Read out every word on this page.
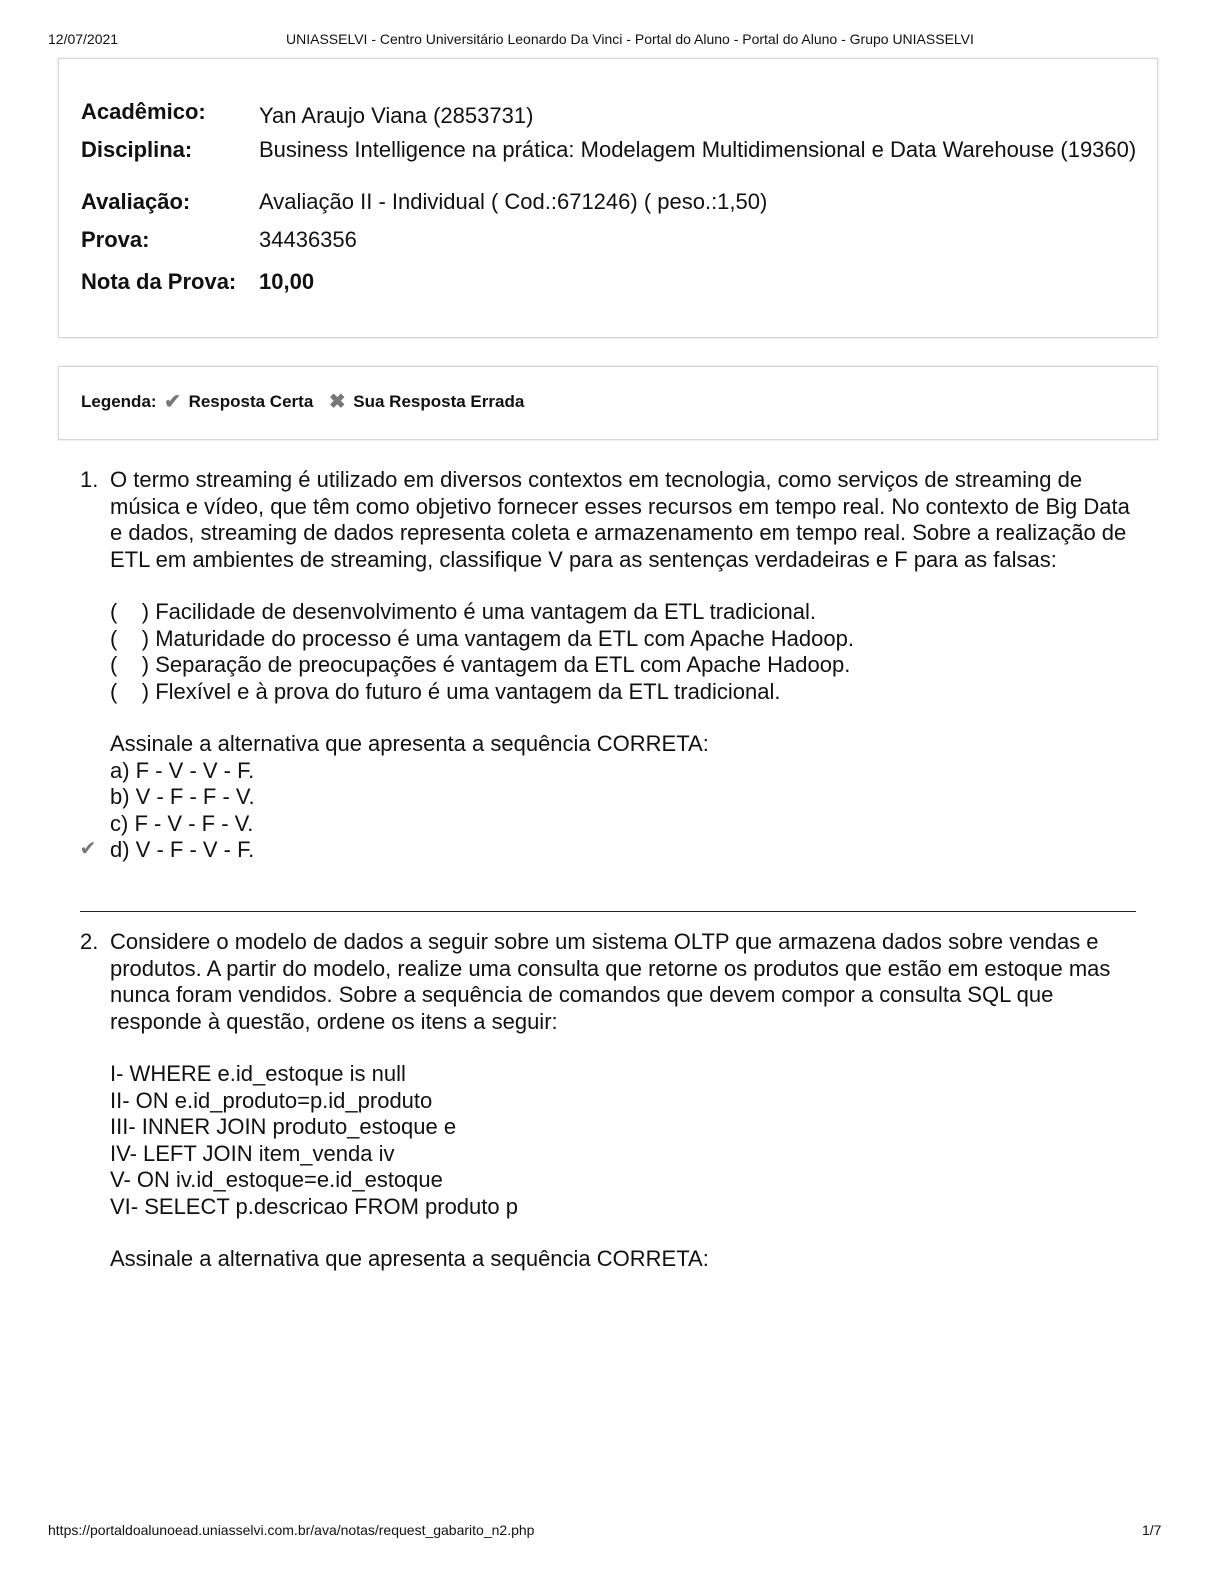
12/07/2021	UNIASSELVI - Centro Universitário Leonardo Da Vinci - Portal do Aluno - Portal do Aluno - Grupo UNIASSELVI
Acadêmico:	Yan Araujo Viana (2853731)
Disciplina:	Business Intelligence na prática: Modelagem Multidimensional e Data Warehouse (19360)
Avaliação:	Avaliação II - Individual ( Cod.:671246) ( peso.:1,50)
Prova:	34436356
Nota da Prova:	10,00
Legenda: ✔ Resposta Certa ✖ Sua Resposta Errada
1. O termo streaming é utilizado em diversos contextos em tecnologia, como serviços de streaming de música e vídeo, que têm como objetivo fornecer esses recursos em tempo real. No contexto de Big Data e dados, streaming de dados representa coleta e armazenamento em tempo real. Sobre a realização de ETL em ambientes de streaming, classifique V para as sentenças verdadeiras e F para as falsas:
(    ) Facilidade de desenvolvimento é uma vantagem da ETL tradicional.
(    ) Maturidade do processo é uma vantagem da ETL com Apache Hadoop.
(    ) Separação de preocupações é vantagem da ETL com Apache Hadoop.
(    ) Flexível e à prova do futuro é uma vantagem da ETL tradicional.
Assinale a alternativa que apresenta a sequência CORRETA:
a) F - V - V - F.
b) V - F - F - V.
c) F - V - F - V.
✔ d) V - F - V - F.
2. Considere o modelo de dados a seguir sobre um sistema OLTP que armazena dados sobre vendas e produtos. A partir do modelo, realize uma consulta que retorne os produtos que estão em estoque mas nunca foram vendidos. Sobre a sequência de comandos que devem compor a consulta SQL que responde à questão, ordene os itens a seguir:
I- WHERE e.id_estoque is null
II- ON e.id_produto=p.id_produto
III- INNER JOIN produto_estoque e
IV- LEFT JOIN item_venda iv
V- ON iv.id_estoque=e.id_estoque
VI- SELECT p.descricao FROM produto p
Assinale a alternativa que apresenta a sequência CORRETA:
https://portaldoalunoead.uniasselvi.com.br/ava/notas/request_gabarito_n2.php	1/7
